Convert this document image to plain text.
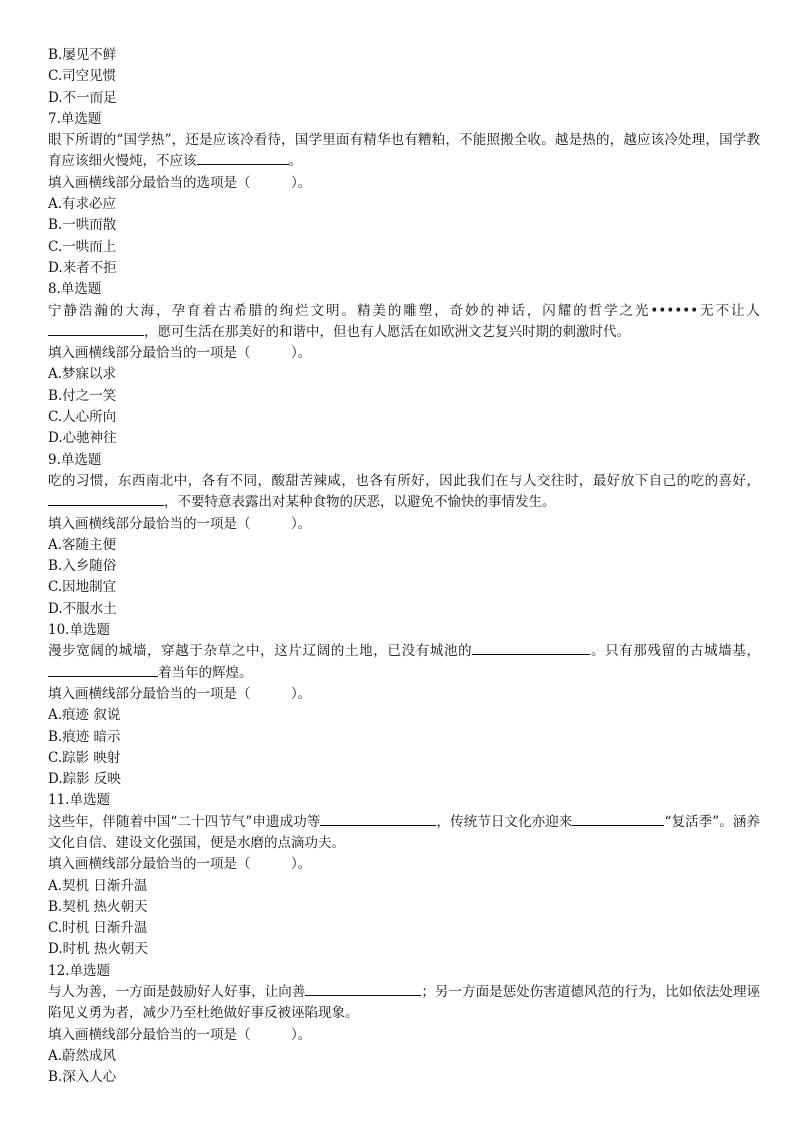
B.屡见不鲜
C.司空见惯
D.不一而足
7.单选题
眼下所谓的“国学热”，还是应该冷看待，国学里面有精华也有糟粕，不能照搬全收。越是热的，越应该冷处理，国学教育应该细火慢炖，不应该	。
填入画横线部分最恰当的选项是（　　　）。
A.有求必应
B.一哄而散
C.一哄而上
D.来者不拒
8.单选题
宁静浩瀚的大海，孕育着古希腊的绚烂文明。精美的雕塑，奇妙的神话，闪耀的哲学之光••••••无不让人，愿可生活在那美好的和谐中，但也有人愿活在如欧洲文艺复兴时期的刺激时代。
填入画横线部分最恰当的一项是（　　　）。
A.梦寐以求
B.付之一笑
C.人心所向
D.心驰神往
9.单选题
吃的习惯，东西南北中，各有不同，酸甜苦辣咸，也各有所好，因此我们在与人交往时，最好放下自己的吃的喜好，，不要特意表露出对某种食物的厌恶，以避免不愉快的事情发生。
填入画横线部分最恰当的一项是（　　　）。
A.客随主便
B.入乡随俗
C.因地制宜
D.不服水土
10.单选题
漫步宽阔的城墙，穿越于杂草之中，这片辽阔的土地，已没有城池的	。只有那残留的古城墙基，着当年的辉煌。
填入画横线部分最恰当的一项是（　　　）。
A.痕迹 叙说
B.痕迹 暗示
C.踪影 映射
D.踪影 反映
11.单选题
这些年，伴随着中国“二十四节气”申遗成功等	，传统节日文化亦迎来	“复活季”。涵养文化自信、建设文化强国，便是水磨的点滴功夫。
填入画横线部分最恰当的一项是（　　　）。
A.契机 日渐升温
B.契机 热火朝天
C.时机 日渐升温
D.时机 热火朝天
12.单选题
与人为善，一方面是鼓励好人好事，让向善	；另一方面是惩处伤害道德风范的行为，比如依法处理诬陷见义勇为者，减少乃至杜绝做好事反被诬陷现象。
填入画横线部分最恰当的一项是（　　　）。
A.蔚然成风
B.深入人心
